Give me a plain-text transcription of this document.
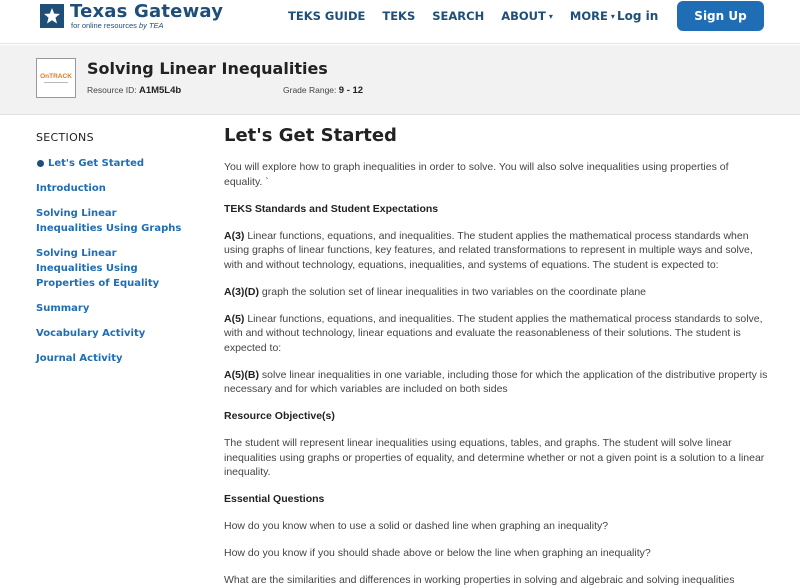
Texas Gateway
for online resources by TEA
TEKS GUIDE TEKS SEARCH ABOUT ▾ MORE ▾ Log in	Sign Up
OnTRACK Solving Linear Inequalities
Resource ID: A1M5L4b	Grade Range: 9 - 12
SECTIONS
Let's Get Started
Introduction
Solving Linear Inequalities Using Graphs
Solving Linear Inequalities Using Properties of Equality
Summary
Vocabulary Activity
Journal Activity
Let's Get Started

You will explore how to graph inequalities in order to solve. You will also solve inequalities using properties of equality. `

TEKS Standards and Student Expectations

A(3) Linear functions, equations, and inequalities. The student applies the mathematical process standards when using graphs of linear functions, key features, and related transformations to represent in multiple ways and solve, with and without technology, equations, inequalities, and systems of equations. The student is expected to:

A(3)(D) graph the solution set of linear inequalities in two variables on the coordinate plane

A(5) Linear functions, equations, and inequalities. The student applies the mathematical process standards to solve, with and without technology, linear equations and evaluate the reasonableness of their solutions. The student is expected to:

A(5)(B) solve linear inequalities in one variable, including those for which the application of the distributive property is necessary and for which variables are included on both sides

Resource Objective(s)

The student will represent linear inequalities using equations, tables, and graphs. The student will solve linear inequalities using graphs or properties of equality, and determine whether or not a given point is a solution to a linear inequality.

Essential Questions

How do you know when to use a solid or dashed line when graphing an inequality?

How do you know if you should shade above or below the line when graphing an inequality?

What are the similarities and differences in working properties in solving and algebraic and solving inequalities
